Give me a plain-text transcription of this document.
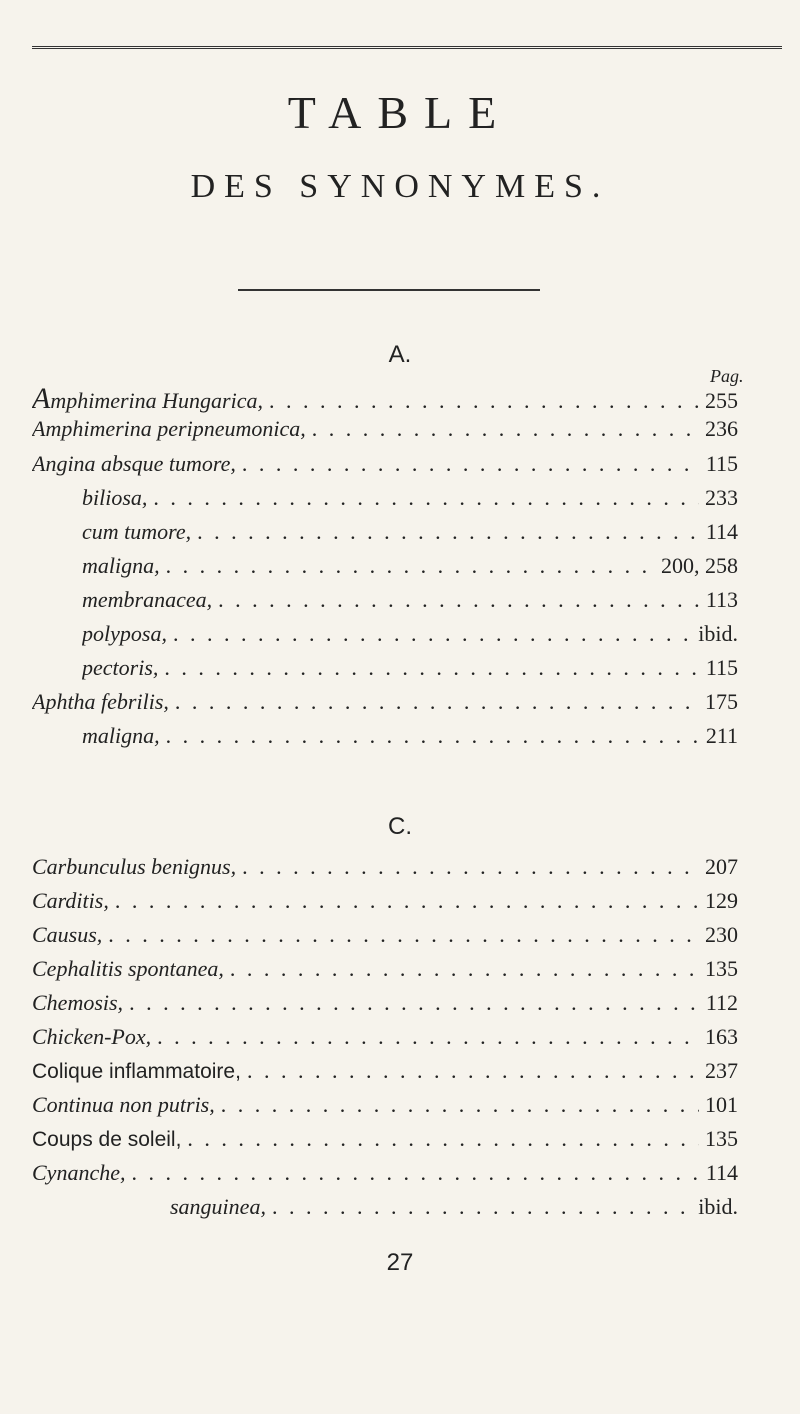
TABLE
DES SYNONYMES.
A.
Pag.
Amphimerina Hungarica, . . .	255
Amphimerina peripneumonica, . . .	236
Angina absque tumore, . . .	115
biliosa, . . .	233
cum tumore, . . .	114
maligna, . . .	200, 258
membranacea, . . .	113
polyposa, . . .	ibid.
pectoris, . . .	115
Aphtha febrilis, . . .	175
maligna, . . .	211
C.
Carbunculus benignus, . . .	207
Carditis, . . .	129
Causus, . . .	230
Cephalitis spontanea, . . .	135
Chemosis, . . .	112
Chicken-Pox, . . .	163
Colique inflammatoire, . . .	237
Continua non putris, . . .	101
Coups de soleil, . . .	135
Cynanche, . . .	114
sanguinea, . . .	ibid.
27
